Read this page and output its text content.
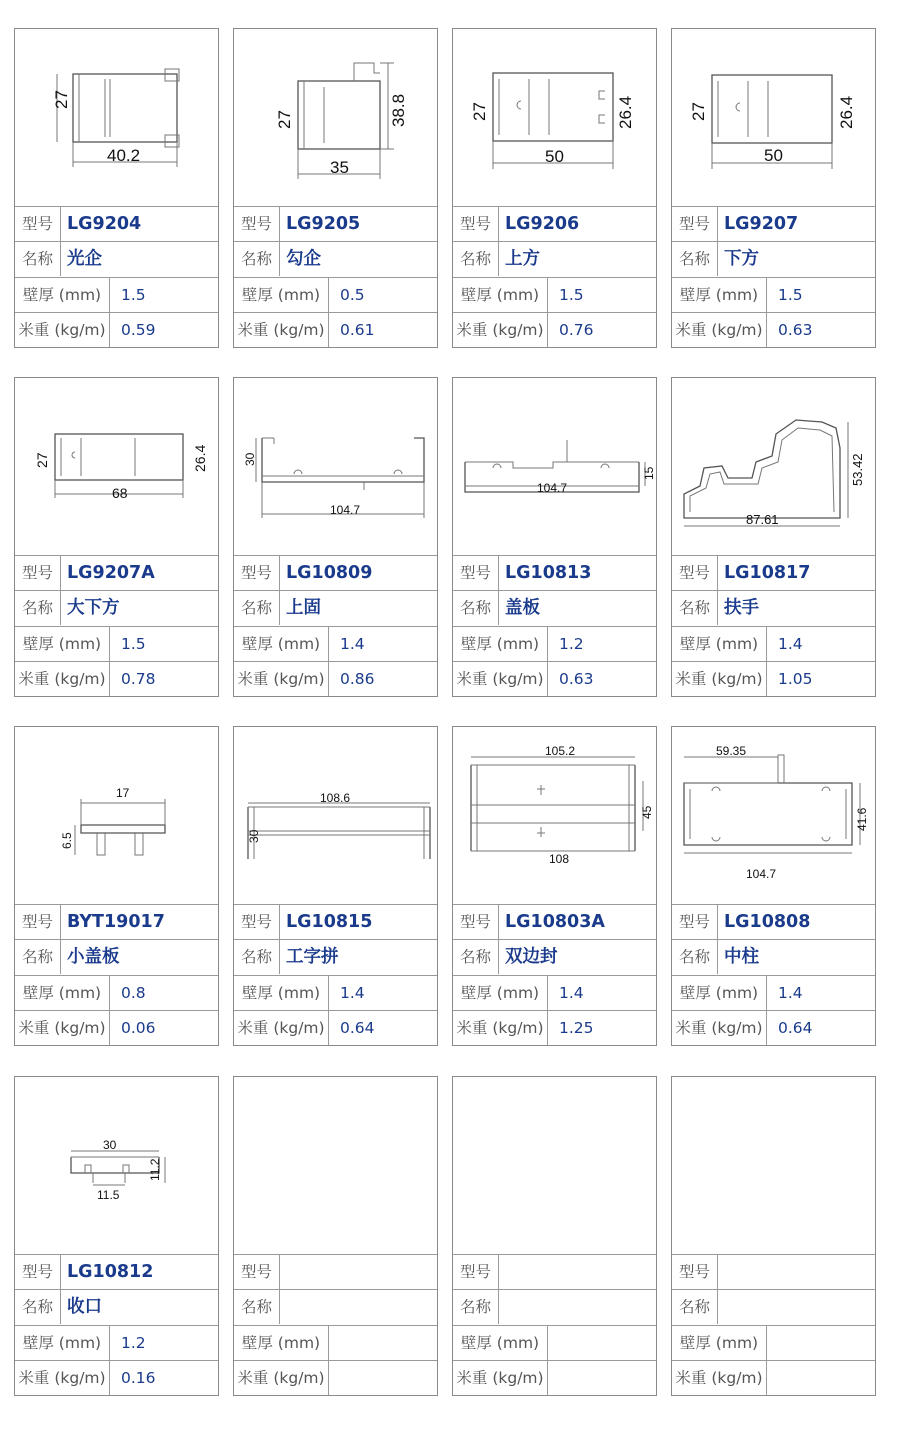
27
40.2
型号 LG9204
名称 光企
壁厚 (mm)	1.5
米重 (kg/m) 0.59
27	38.8
35
型号 LG9205
名称 勾企
壁厚 (mm)	0.5
米重 (kg/m) 0.61
27	26.4
50
型号 LG9206
名称 上方
壁厚 (mm)	1.5
米重 (kg/m) 0.76
27	26.4
50
型号 LG9207
名称 下方
壁厚 (mm)	1.5
米重 (kg/m) 0.63
27	26.4
68
型号 LG9207A
名称 大下方
壁厚 (mm)	1.5
米重 (kg/m) 0.78
30
104.7
型号 LG10809
名称 上固
壁厚 (mm)	1.4
米重 (kg/m) 0.86
15
104.7
型号 LG10813
名称 盖板
壁厚 (mm)	1.2
米重 (kg/m) 0.63
53.42
87.61
型号 LG10817
名称 扶手
壁厚 (mm)	1.4
米重 (kg/m) 1.05
17
6.5
型号 BYT19017
名称 小盖板
壁厚 (mm)	0.8
米重 (kg/m) 0.06
108.6
30
型号 LG10815
名称 工字拼
壁厚 (mm)	1.4
米重 (kg/m) 0.64
105.2
45
108
型号 LG10803A
名称 双边封
壁厚 (mm)	1.4
米重 (kg/m) 1.25
59.35
41.6
104.7
型号 LG10808
名称 中柱
壁厚 (mm)	1.4
米重 (kg/m) 0.64
30
11.2
11.5
型号 LG10812
名称 收口
壁厚 (mm)	1.2
米重 (kg/m) 0.16
型号
名称
壁厚 (mm)
米重 (kg/m)
型号
名称
壁厚 (mm)
米重 (kg/m)
型号
名称
壁厚 (mm)
米重 (kg/m)
